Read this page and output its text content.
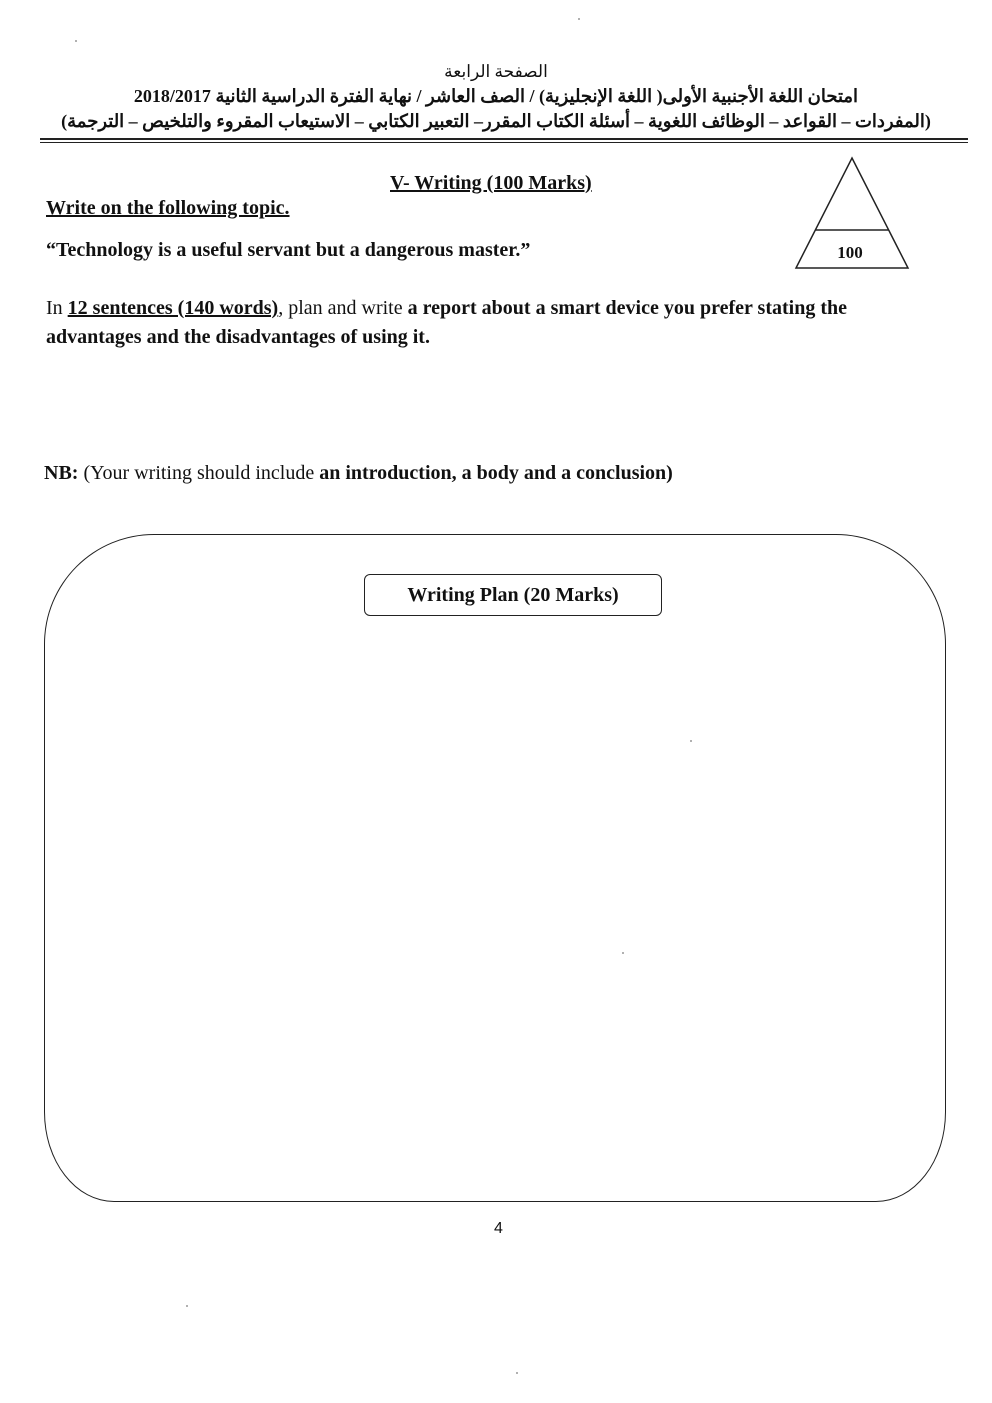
الصفحة الرابعة
امتحان اللغة الأجنبية الأولى( اللغة الإنجليزية) / الصف العاشر / نهاية الفترة الدراسية الثانية 2018/2017
(المفردات – القواعد – الوظائف اللغوية – أسئلة الكتاب المقرر– التعبير الكتابي – الاستيعاب المقروء والتلخيص – الترجمة)
V- Writing (100 Marks)
100
Write on the following topic.
“Technology is a useful servant but a dangerous master.”
In 12 sentences (140 words), plan and write a report about a smart device you prefer stating the advantages and the disadvantages of using it.
NB: (Your writing should include an introduction, a body and a conclusion)
Writing Plan (20 Marks)
4
